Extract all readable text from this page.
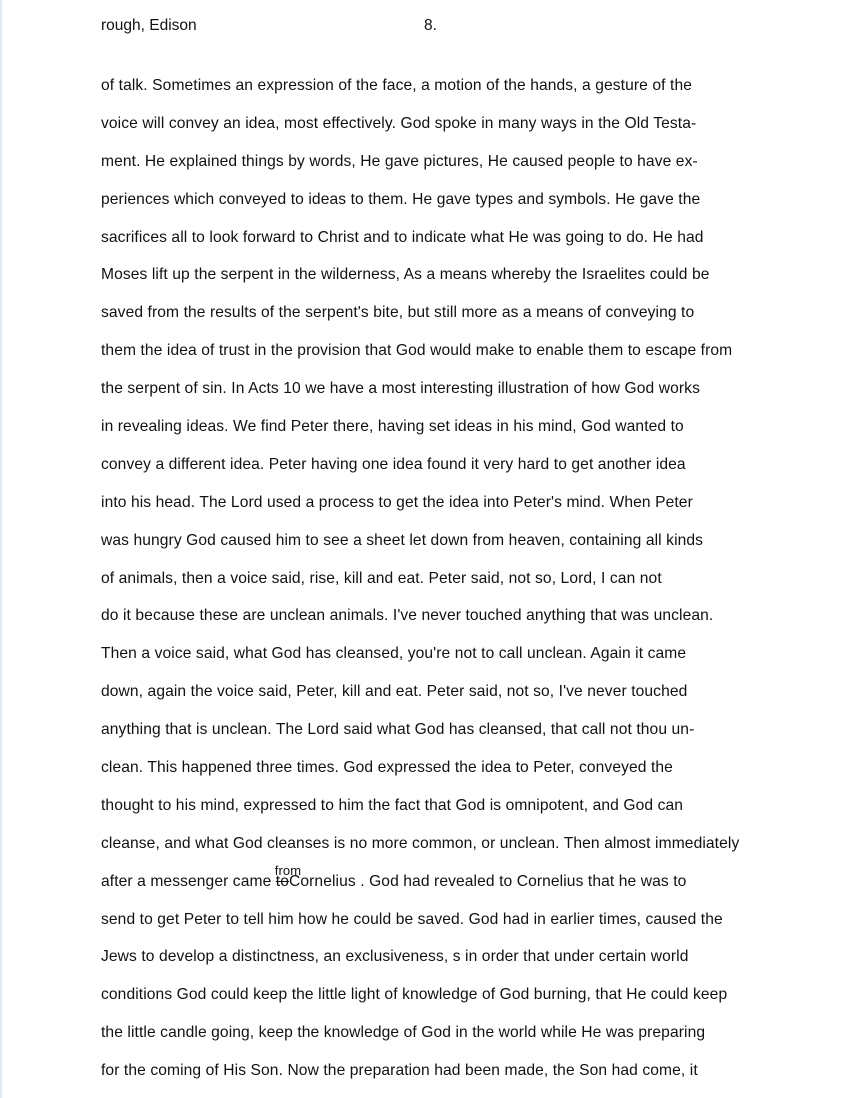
rough, Edison	8.
of talk. Sometimes an expression of the face, a motion of the hands, a gesture of the
voice will convey an idea, most effectively. God spoke in many ways in the Old Testa-
ment. He explained things by words, He gave pictures, He caused people to have ex-
periences which conveyed to ideas to them. He gave types and symbols. He gave the
sacrifices all to look forward to Christ and to indicate what He was going to do. He had
Moses lift up the serpent in the wilderness, As a means whereby the Israelites could be
saved from the results of the serpent's bite, but still more as a means of conveying to
them the idea of trust in the provision that God would make to enable them to escape from
the serpent of sin. In Acts 10 we have a most interesting illustration of how God works
in revealing ideas. We find Peter there, having set ideas in his mind, God wanted to
convey a different idea. Peter having one idea found it very hard to get another idea
into his head. The Lord used a process to get the idea into Peter's mind. When Peter
was hungry God caused him to see a sheet let down from heaven, containing all kinds
of animals, then a voice said, rise, kill and eat. Peter said, not so, Lord, I can not
do it because these are unclean animals. I've never touched anything that was unclean.
Then a voice said, what God has cleansed, you're not to call unclean. Again it came
down, again the voice said, Peter, kill and eat. Peter said, not so, I've never touched
anything that is unclean. The Lord said what God has cleansed, that call not thou un-
clean. This happened three times. God expressed the idea to Peter, conveyed the
thought to his mind, expressed to him the fact that God is omnipotent, and God can
cleanse, and what God cleanses is no more common, or unclean. Then almost immediately
after a messenger came
from
toCornelius . God had revealed to Cornelius that he was to
send to get Peter to tell him how he could be saved. God had in earlier times, caused the
Jews to develop a distinctness, an exclusiveness, s in order that under certain world
conditions God could keep the little light of knowledge of God burning, that He could keep
the little candle going, keep the knowledge of God in the world while He was preparing
for the coming of His Son. Now the preparation had been made, the Son had come, it
